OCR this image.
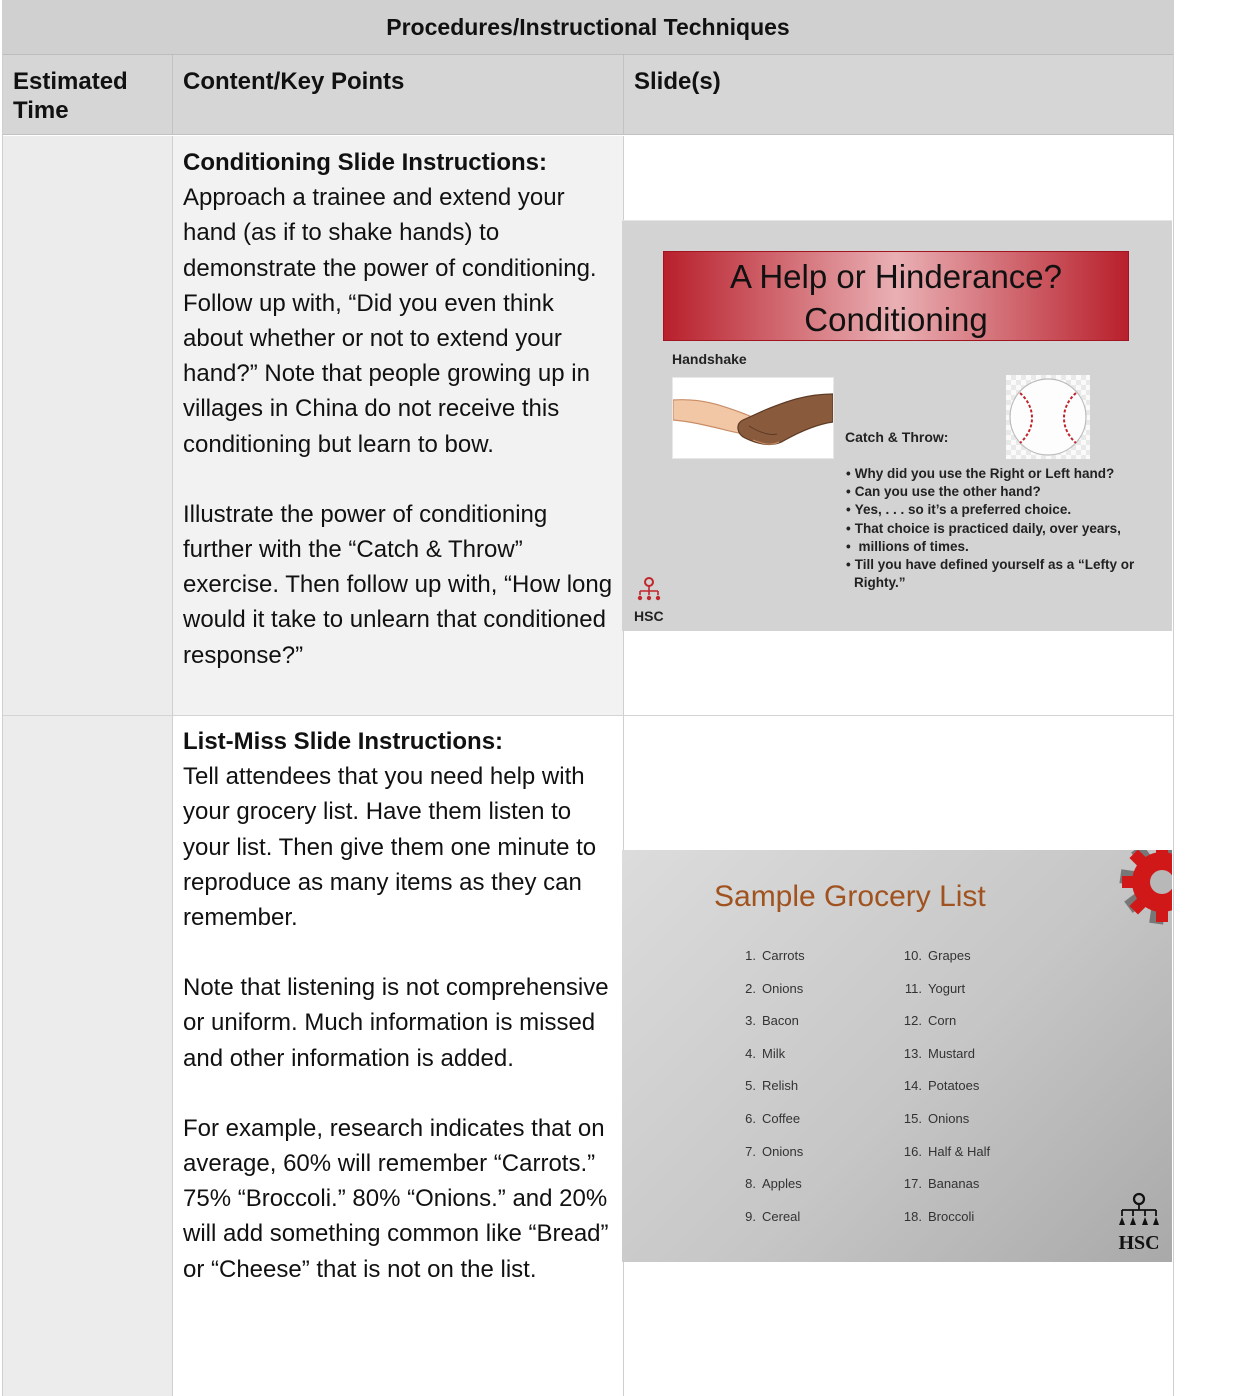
Procedures/Instructional Techniques
Estimated Time
Content/Key Points	Slide(s)

Conditioning Slide Instructions:

Approach a trainee and extend your hand (as if to shake hands) to demonstrate the power of conditioning. Follow up with, “Did you even think about whether or not to extend your hand?” Note that people growing up in villages in China do not receive this conditioning but learn to bow.

Illustrate the power of conditioning further with the “Catch & Throw” exercise. Then follow up with, “How long would it take to unlearn that conditioned response?”

List-Miss Slide Instructions:

Tell attendees that you need help with your grocery list. Have them listen to your list. Then give them one minute to reproduce as many items as they can remember.

Note that listening is not comprehensive or uniform. Much information is missed and other information is added.

For example, research indicates that on average, 60% will remember “Carrots.” 75% “Broccoli.” 80% “Onions.” and 20% will add something common like “Bread” or “Cheese” that is not on the list.

A Help or Hinderance?
Conditioning
Handshake
Catch & Throw:
• Why did you use the Right or Left hand?
• Can you use the other hand?
• Yes, . . . so it’s a preferred choice.
• That choice is practiced daily, over years,
• millions of times.
• Till you have defined yourself as a “Lefty or Righty.”
HSC
Sample Grocery List
1. Carrots
2. Onions
3. Bacon
4. Milk
5. Relish
6. Coffee
7. Onions
8. Apples
9. Cereal
10. Grapes
11. Yogurt
12. Corn
13. Mustard
14. Potatoes
15. Onions
16. Half & Half
17. Bananas
18. Broccoli
HSC
